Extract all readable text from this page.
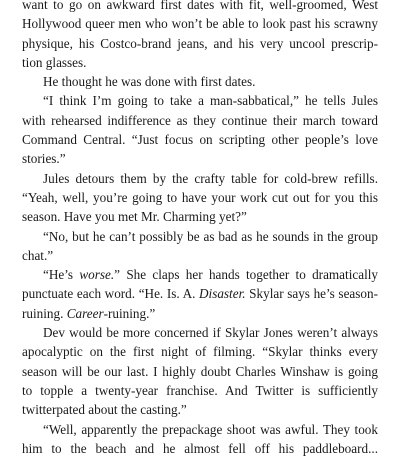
want to go on awkward first dates with fit, well-groomed, West
Hollywood queer men who won’t be able to look past his scrawny
physique, his Costco-brand jeans, and his very uncool prescrip-
tion glasses.
He thought he was done with first dates.
“I think I’m going to take a man-sabbatical,” he tells Jules
with rehearsed indifference as they continue their march toward
Command Central. “Just focus on scripting other people’s love
stories.”
Jules detours them by the crafty table for cold-brew refills.
“Yeah, well, you’re going to have your work cut out for you this
season. Have you met Mr. Charming yet?”
“No, but he can’t possibly be as bad as he sounds in the group
chat.”
“He’s worse.” She claps her hands together to dramatically
punctuate each word. “He. Is. A. Disaster. Skylar says he’s season-
ruining. Career-ruining.”
Dev would be more concerned if Skylar Jones weren’t always
apocalyptic on the first night of filming. “Skylar thinks every
season will be our last. I highly doubt Charles Winshaw is going
to topple a twenty-year franchise. And Twitter is sufficiently
twitterpated about the casting.”
“Well, apparently the prepackage shoot was awful. They took
him to the beach and he almost fell off his paddleboard...
